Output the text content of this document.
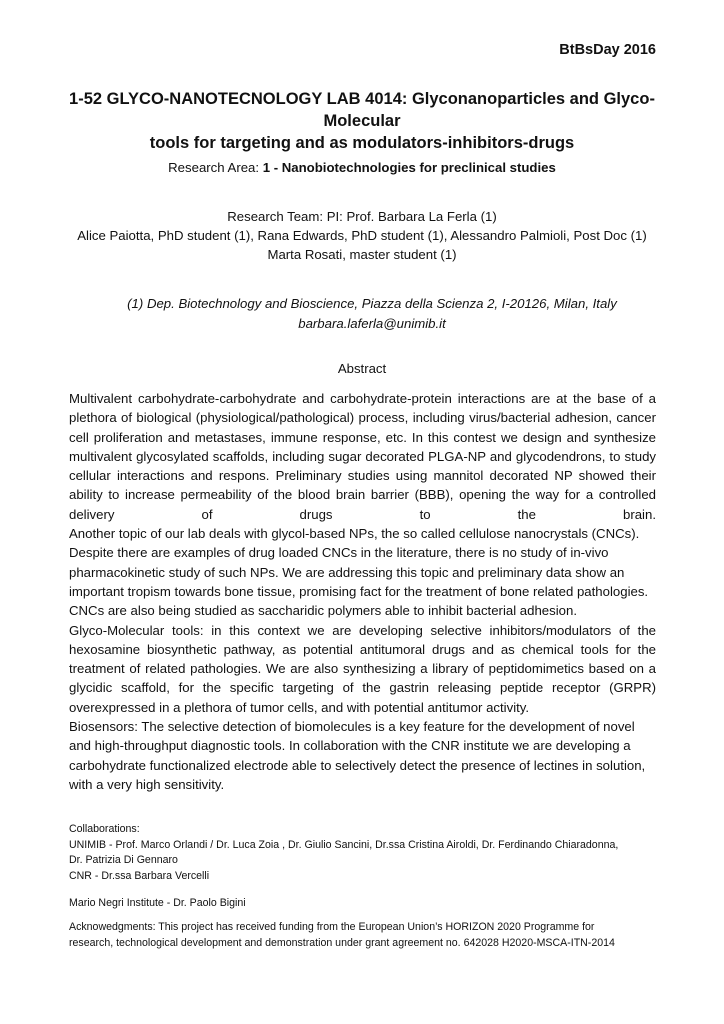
BtBsDay 2016
1-52 GLYCO-NANOTECNOLOGY LAB 4014: Glyconanoparticles and Glyco-Molecular
tools for targeting and as modulators-inhibitors-drugs
Research Area: 1 - Nanobiotechnologies for preclinical studies
Research Team: PI: Prof. Barbara La Ferla (1)
Alice Paiotta, PhD student (1), Rana Edwards, PhD student (1), Alessandro Palmioli, Post Doc (1)
Marta Rosati, master student (1)
(1) Dep. Biotechnology and Bioscience, Piazza della Scienza 2, I-20126, Milan, Italy
barbara.laferla@unimib.it
Abstract

Multivalent carbohydrate-carbohydrate and carbohydrate-protein interactions are at the base of a plethora of biological (physiological/pathological) process, including virus/bacterial adhesion, cancer cell proliferation and metastases, immune response, etc. In this contest we design and synthesize multivalent glycosylated scaffolds, including sugar decorated PLGA-NP and glycodendrons, to study cellular interactions and respons. Preliminary studies using mannitol decorated NP showed their ability to increase permeability of the blood brain barrier (BBB), opening the way for a controlled delivery of drugs to the brain.

Another topic of our lab deals with glycol-based NPs, the so called cellulose nanocrystals (CNCs). Despite there are examples of drug loaded CNCs in the literature, there is no study of in-vivo pharmacokinetic study of such NPs. We are addressing this topic and preliminary data show an important tropism towards bone tissue, promising fact for the treatment of bone related pathologies. CNCs are also being studied as saccharidic polymers able to inhibit bacterial adhesion.

Glyco-Molecular tools: in this context we are developing selective inhibitors/modulators of the hexosamine biosynthetic pathway, as potential antitumoral drugs and as chemical tools for the treatment of related pathologies. We are also synthesizing a library of peptidomimetics based on a glycidic scaffold, for the specific targeting of the gastrin releasing peptide receptor (GRPR) overexpressed in a plethora of tumor cells, and with potential antitumor activity.

Biosensors: The selective detection of biomolecules is a key feature for the development of novel and high-throughput diagnostic tools. In collaboration with the CNR institute we are developing a carbohydrate functionalized electrode able to selectively detect the presence of lectines in solution, with a very high sensitivity.

Collaborations:
UNIMIB - Prof. Marco Orlandi / Dr. Luca Zoia , Dr. Giulio Sancini, Dr.ssa Cristina Airoldi, Dr. Ferdinando Chiaradonna,
Dr. Patrizia Di Gennaro
CNR - Dr.ssa Barbara Vercelli
Mario Negri Institute - Dr. Paolo Bigini
Acknowedgments: This project has received funding from the European Union’s HORIZON 2020 Programme for
research, technological development and demonstration under grant agreement no. 642028 H2020-MSCA-ITN-2014
